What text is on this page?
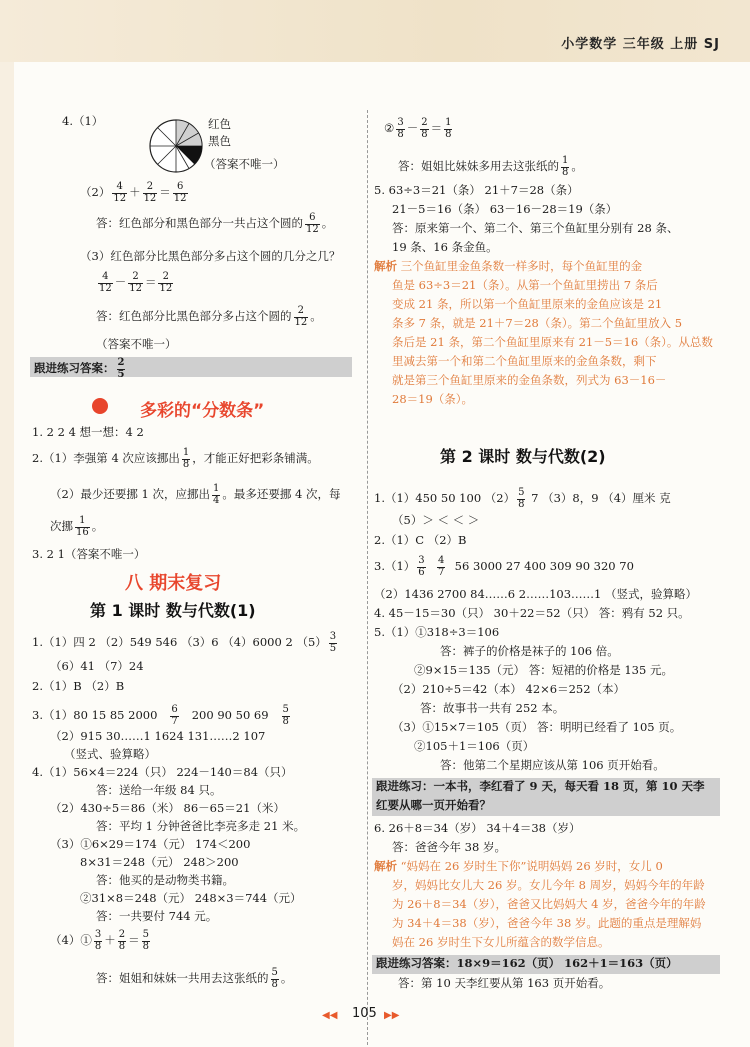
小学数学 三年级 上册 SJ
4.（1）	红色
黑色
（答案不唯一）
$(2) \frac{4}{12} + \frac{2}{12} = \frac{6}{12}$
答：红色部分和黑色部分一共占这个圆的 $\frac{6}{12}$ 。
（3）红色部分比黑色部分多占这个圆的几分之几？
$\frac{4}{12} - \frac{2}{12} = \frac{2}{12}$
答：红色部分比黑色部分多占这个圆的 $\frac{2}{12}$ 。
（答案不唯一）
跟进练习答案： $\frac{2}{5}$
多彩的“分数条”
1. 2 2 4 想一想：4 2
2.（1）李强第 4 次应该挪出 $\frac{1}{8}$ ，才能正好把彩条铺满。
（2）最少还要挪 1 次，应挪出 $\frac{1}{4}$ 。最多还要挪 4 次，每
次挪 $\frac{1}{16}$ 。
3. 2 1（答案不唯一）
八 期末复习
第 1 课时 数与代数(1)
1.（1）四 2 （2）549 546 （3）6 （4）6000 2 $(5) \frac{3}{5}$
（6）41 （7）24
2.（1）B （2）B
3.（1）80 15 85 $2000 \frac{6}{7} 200$ 90 50 $69 \frac{5}{8}$
（2）915 30……1 1624 131……2 107
（竖式、验算略）
4.（1）56×4＝224（只） 224－140＝84（只）
答：送给一年级 84 只。
（2）430÷5＝86（米） 86－65＝21（米）
答：平均 1 分钟爸爸比李亮多走 21 米。
（3）①6×29＝174（元） 174＜200
8×31＝248（元） 248＞200
答：他买的是动物类书籍。
②31×8＝248（元） 248×3＝744（元）
答：一共要付 744 元。
（4）① $\frac{3}{8} + \frac{2}{8} = \frac{5}{8}$
答：姐姐和妹妹一共用去这张纸的 $\frac{5}{8}$ 。
② $\frac{3}{8} - \frac{2}{8} = \frac{1}{8}$
答：姐姐比妹妹多用去这张纸的 $\frac{1}{8}$ 。
5. 63÷3＝21（条） 21＋7＝28（条）
21－5＝16（条） 63－16－28＝19（条）
答：原来第一个、第二个、第三个鱼缸里分别有 28 条、
19 条、16 条金鱼。
解析 三个鱼缸里金鱼条数一样多时，每个鱼缸里的金
鱼是 63÷3＝21（条）。从第一个鱼缸里捞出 7 条后
变成 21 条，所以第一个鱼缸里原来的金鱼应该是 21
条多 7 条，就是 21＋7＝28（条）。第二个鱼缸里放入 5
条后是 21 条，第二个鱼缸里原来有 21－5＝16（条）。从总数
里减去第一个和第二个鱼缸里原来的金鱼条数，剩下
就是第三个鱼缸里原来的金鱼条数，列式为 63－16－
28＝19（条）。
第 2 课时 数与代数(2)
1.（1）450 50 100 $(2) \frac{5}{8} 7$ （3）8，9 （4）厘米 克
（5）＞ ＜ ＜ ＞
2.（1）C （2）B
$3.(1) \frac{3}{6}$
$\frac{4}{7} 56$ 3000 27 400 309 90 320 70
（2）1436 2700 84……6 2……103……1 （竖式，验算略）
4. 45－15＝30（只） 30＋22＝52（只） 答：鸦有 52 只。
5.（1）①318÷3＝106
答：裤子的价格是袜子的 106 倍。
②9×15＝135（元） 答：短裙的价格是 135 元。
（2）210÷5＝42（本） 42×6＝252（本）
答：故事书一共有 252 本。
（3）①15×7＝105（页） 答：明明已经看了 105 页。
②105＋1＝106（页）
答：他第二个星期应该从第 106 页开始看。
跟进练习：一本书，李红看了 9 天，每天看 18 页，第 10 天李
红要从哪一页开始看？
6. 26＋8＝34（岁） 34＋4＝38（岁）
答：爸爸今年 38 岁。
解析 “妈妈在 26 岁时生下你”说明妈妈 26 岁时，女儿 0
岁，妈妈比女儿大 26 岁。女儿今年 8 周岁，妈妈今年的年龄
为 26＋8＝34（岁），爸爸又比妈妈大 4 岁，爸爸今年的年龄
为 34＋4＝38（岁），爸爸今年 38 岁。此题的重点是理解妈
妈在 26 岁时生下女儿所蕴含的数学信息。
跟进练习答案：18×9＝162（页） 162＋1＝163（页）
答：第 10 天李红要从第 163 页开始看。
◀◀ 105 ▶▶
